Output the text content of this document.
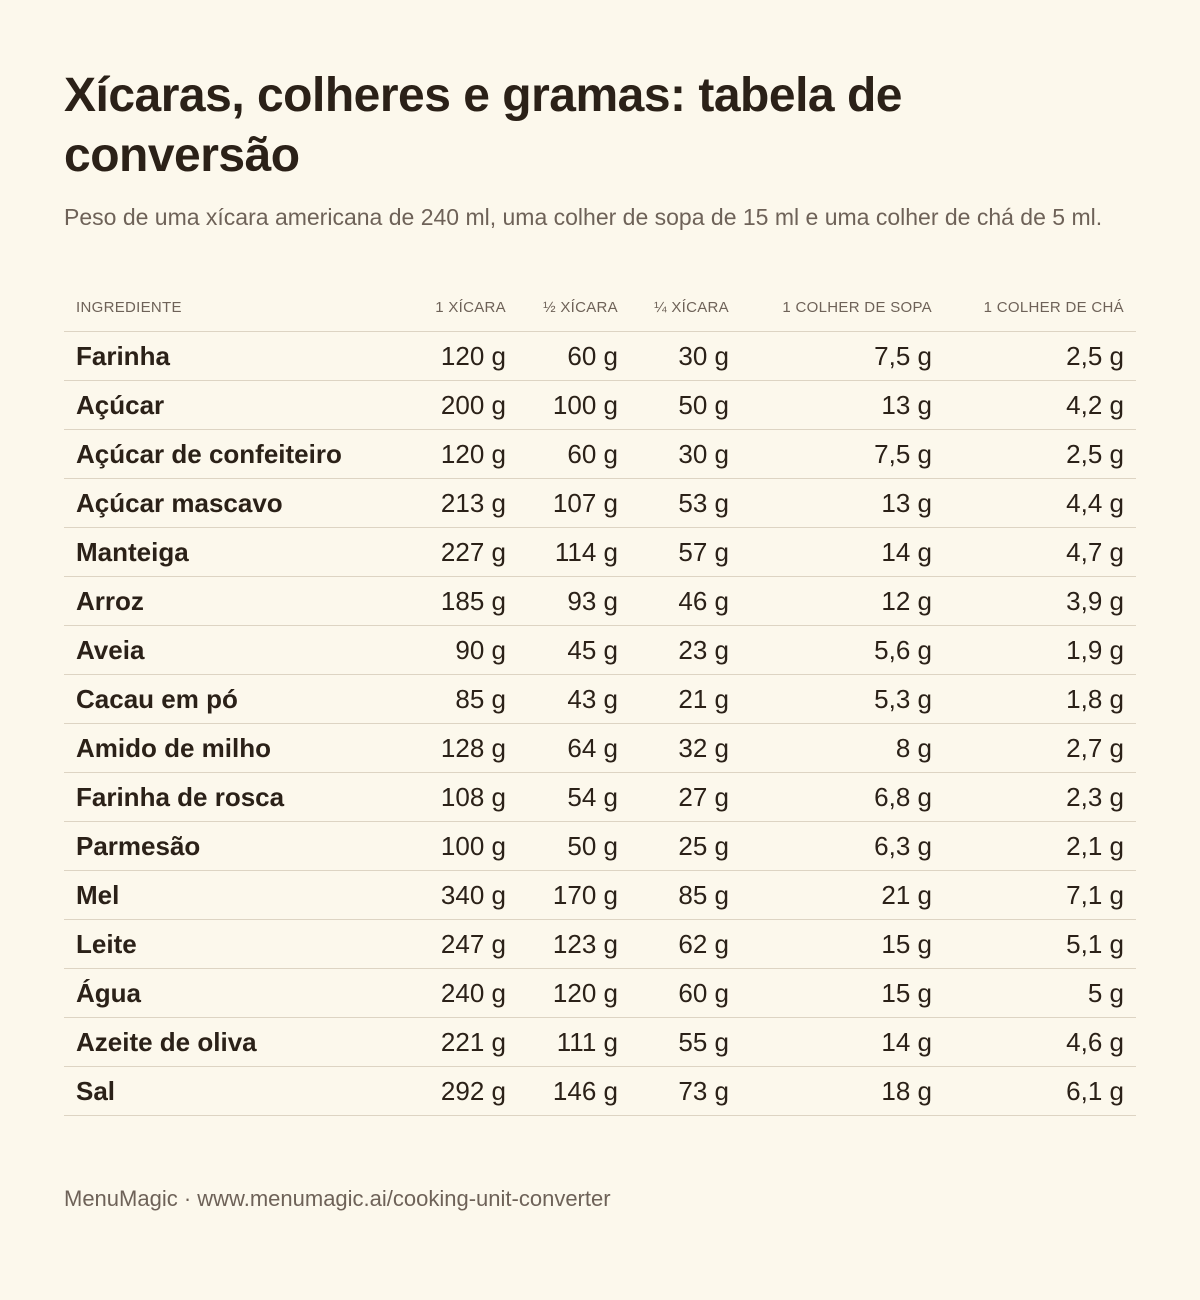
Xícaras, colheres e gramas: tabela de conversão

Peso de uma xícara americana de 240 ml, uma colher de sopa de 15 ml e uma colher de chá de 5 ml.

INGREDIENTE	1 XÍCARA	½ XÍCARA	¼ XÍCARA	1 COLHER DE SOPA	1 COLHER DE CHÁ
Farinha	120 g	60 g	30 g	7,5 g	2,5 g
Açúcar	200 g	100 g	50 g	13 g	4,2 g
Açúcar de confeiteiro	120 g	60 g	30 g	7,5 g	2,5 g
Açúcar mascavo	213 g	107 g	53 g	13 g	4,4 g
Manteiga	227 g	114 g	57 g	14 g	4,7 g
Arroz	185 g	93 g	46 g	12 g	3,9 g
Aveia	90 g	45 g	23 g	5,6 g	1,9 g
Cacau em pó	85 g	43 g	21 g	5,3 g	1,8 g
Amido de milho	128 g	64 g	32 g	8 g	2,7 g
Farinha de rosca	108 g	54 g	27 g	6,8 g	2,3 g
Parmesão	100 g	50 g	25 g	6,3 g	2,1 g
Mel	340 g	170 g	85 g	21 g	7,1 g
Leite	247 g	123 g	62 g	15 g	5,1 g
Água	240 g	120 g	60 g	15 g	5 g
Azeite de oliva	221 g	111 g	55 g	14 g	4,6 g
Sal	292 g	146 g	73 g	18 g	6,1 g
MenuMagic · www.menumagic.ai/cooking-unit-converter
